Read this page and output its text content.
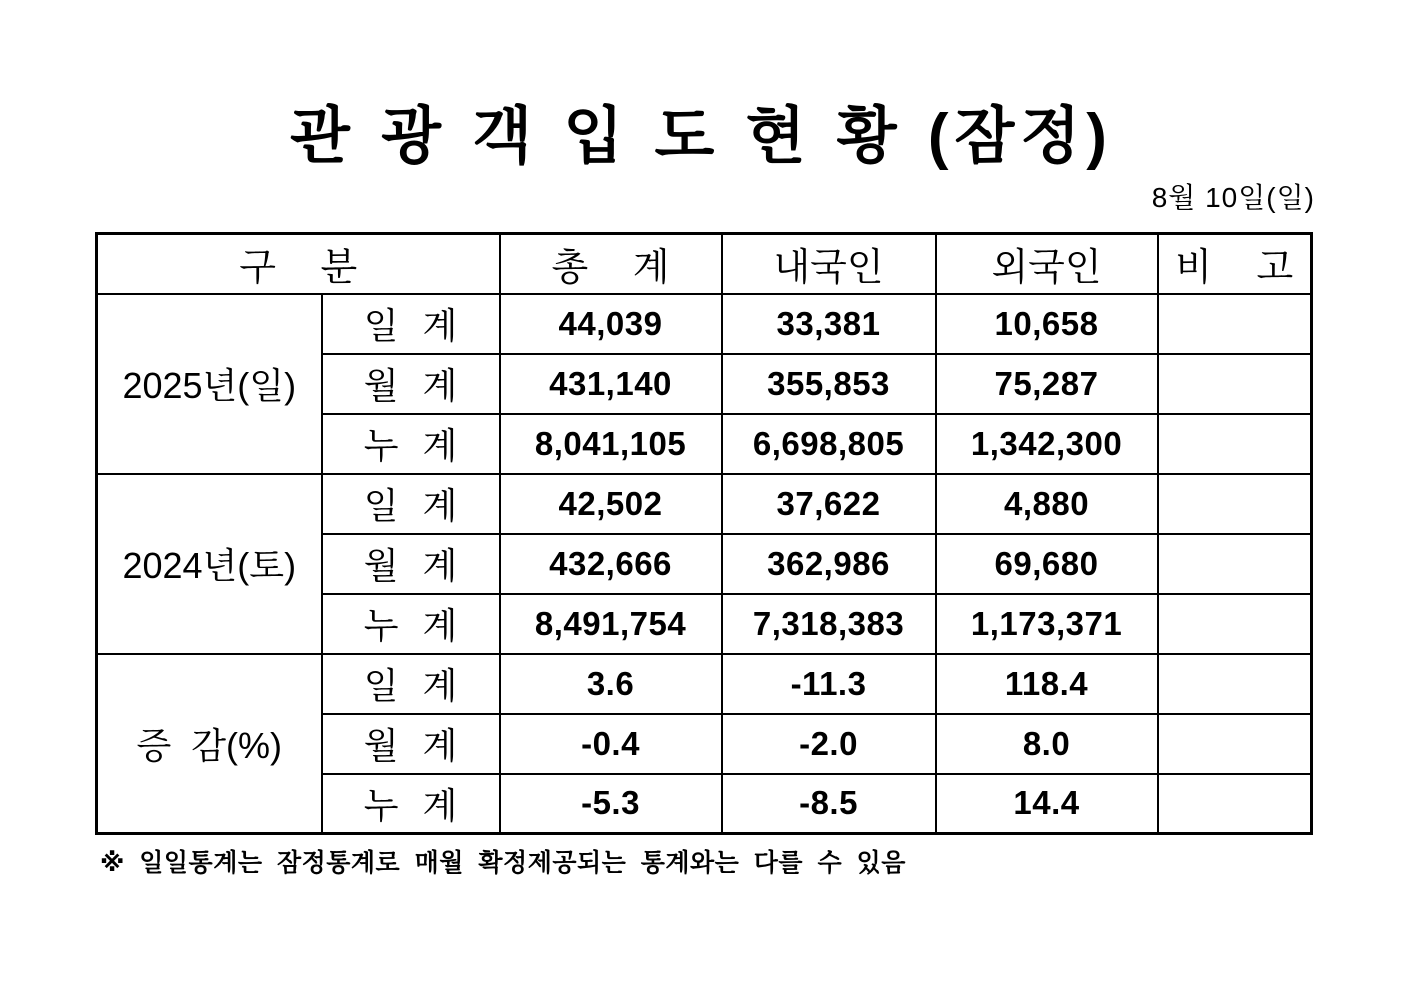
관 광 객 입 도 현 황 (잠정)
8월 10일(일)
구 분		총 계	내국인	외국인	비 고
2025년(일)	일 계	44,039	33,381	10,658	
	월 계	431,140	355,853	75,287	
	누 계	8,041,105	6,698,805	1,342,300	
2024년(토)	일 계	42,502	37,622	4,880	
	월 계	432,666	362,986	69,680	
	누 계	8,491,754	7,318,383	1,173,371	
증 감(%)	일 계	3.6	-11.3	118.4	
	월 계	-0.4	-2.0	8.0	
	누 계	-5.3	-8.5	14.4	
※ 일일통계는 잠정통계로 매월 확정제공되는 통계와는 다를 수 있음
